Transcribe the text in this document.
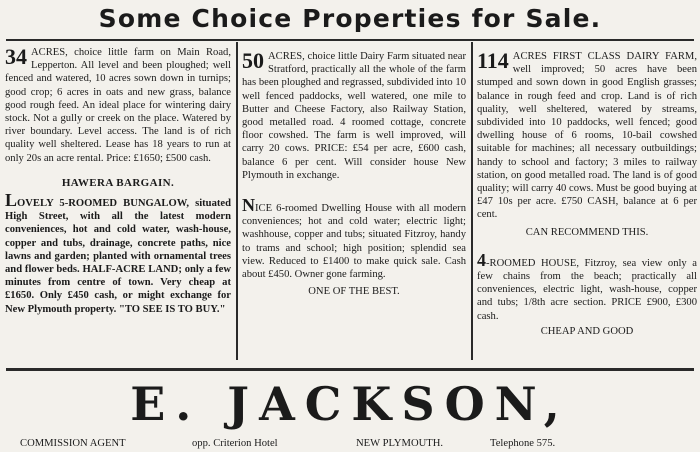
Some Choice Properties for Sale.

34 ACRES, choice little farm on Main Road, Lepperton. All level and been ploughed; well fenced and watered, 10 acres sown down in turnips; good crop; 6 acres in oats and new grass, balance good rough feed. An ideal place for wintering dairy stock. Not a gully or creek on the place. Watered by river boundary. Level access. The land is of rich quality well sheltered. Lease has 18 years to run at only 20s an acre rental. Price: £1650; £500 cash.

HAWERA BARGAIN.

LOVELY 5-ROOMED BUNGALOW, situated High Street, with all the latest modern conveniences, hot and cold water, wash-house, copper and tubs, drainage, concrete paths, nice lawns and garden; planted with ornamental trees and flower beds. HALF-ACRE LAND; only a few minutes from centre of town. Very cheap at £1650. Only £450 cash, or might exchange for New Plymouth property. "TO SEE IS TO BUY."

50 ACRES, choice little Dairy Farm situated near Stratford, practically all the whole of the farm has been ploughed and regrassed, subdivided into 10 well fenced paddocks, well watered, one mile to Butter and Cheese Factory, also Railway Station, good metalled road. 4 roomed cottage, concrete floor cowshed. The farm is well improved, will carry 20 cows. PRICE: £54 per acre, £600 cash, balance 6 per cent. Will consider house New Plymouth in exchange.

NICE 6-roomed Dwelling House with all modern conveniences; hot and cold water; electric light; washhouse, copper and tubs; situated Fitzroy, handy to trams and school; high position; splendid sea view. Reduced to £1400 to make quick sale. Cash about £450. Owner gone farming.

ONE OF THE BEST.

114 ACRES FIRST CLASS DAIRY FARM, well improved; 50 acres have been stumped and sown down in good English grasses; balance in rough feed and crop. Land is of rich quality, well sheltered, watered by streams, subdivided into 10 paddocks, well fenced; good dwelling house of 6 rooms, 10-bail cowshed suitable for machines; all necessary outbuildings; handy to school and factory; 3 miles to railway station, on good metalled road. The land is of good quality; will carry 40 cows. Must be good buying at £47 10s per acre. £750 CASH, balance at 6 per cent.

CAN RECOMMEND THIS.

4-ROOMED HOUSE, Fitzroy, sea view only a few chains from the beach; practically all conveniences, electric light, wash-house, copper and tubs; 1/8th acre section. PRICE £900, £300 cash.

CHEAP AND GOOD

E. JACKSON,
COMMISSION AGENT	opp. Criterion Hotel	NEW PLYMOUTH.	Telephone 575.
